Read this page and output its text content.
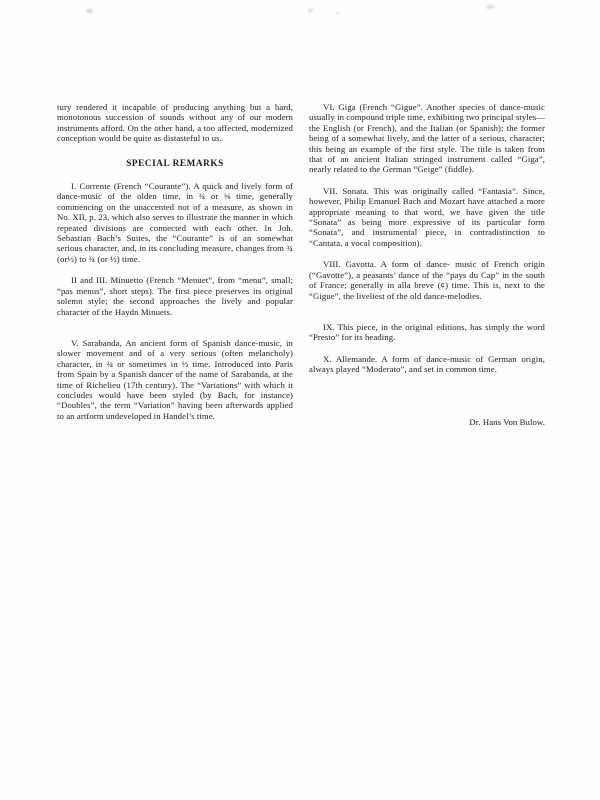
tury rendered it incapable of producing anything but a hard, monotonous succession of sounds without any of our modern instruments afford. On the other hand, a too affected, modernized conception would be quite as distasteful to us.

SPECIAL REMARKS

I. Corrente (French “Courante”). A quick and lively form of dance-music of the olden time, in ¾ or ⅜ time, generally commencing on the unaccented not of a measure, as shown in No. XII, p. 23, which also serves to illustrate the manner in which repeated divisions are connected with each other. In Joh. Sebastian Bach’s Suites, the “Courante” is of an somewhat serious character, and, in its concluding measure, changes from ¾ (or½) to ¾ (or ½) time.

II and III. Minuetto (French “Menuet”, from “menu”, small; “pas menus”, short steps). The first piece preserves its original solemn style; the second approaches the lively and popular character of the Haydn Minuets.

V. Sarabanda, An ancient form of Spanish dance-music, in slower movement and of a very serious (often melancholy) character, in ¾ or sometimes in ½ time. Introduced into Paris from Spain by a Spanish dancer of the name of Sarabanda, at the time of Richelieu (17th century). The “Variations” with which it concludes would have been styled (by Bach, for instance) “Doubles”, the term “Variation” having been afterwards applied to an artform undeveloped in Handel’s time.

VI. Giga (French “Gigue”. Another species of dance-music usually in compound triple time, exhibiting two principal styles—the English (or French), and the Italian (or Spanish); the former being of a somewhat lively, and the latter of a serious, character; this being an example of the first style. The title is taken from that of an ancient Italian stringed instrument called “Giga”, nearly related to the German “Geige” (fiddle).

VII. Sonata. This was originally called “Fantasia”. Since, however, Philip Emanuel Bach and Mozart have attached a more appropriate meaning to that word, we have given the title “Sonata” as being more expressive of its particular form “Sonata”, and instrumental piece, in contradistinction to “Cantata, a vocal composition).

VIII. Gavotta. A form of dance- music of French origin (“Gavotte”), a peasants’ dance of the “pays du Cap” in the south of France; generally in alla breve (¢) time. This is, next to the “Gigue”, the liveliest of the old dance-melodies.

IX. This piece, in the original editions, has simply the word “Presto” for its heading.

X. Allemande. A form of dance-music of German origin, always played “Moderato”, and set in common time.

Dr. Hans Von Bulow.
